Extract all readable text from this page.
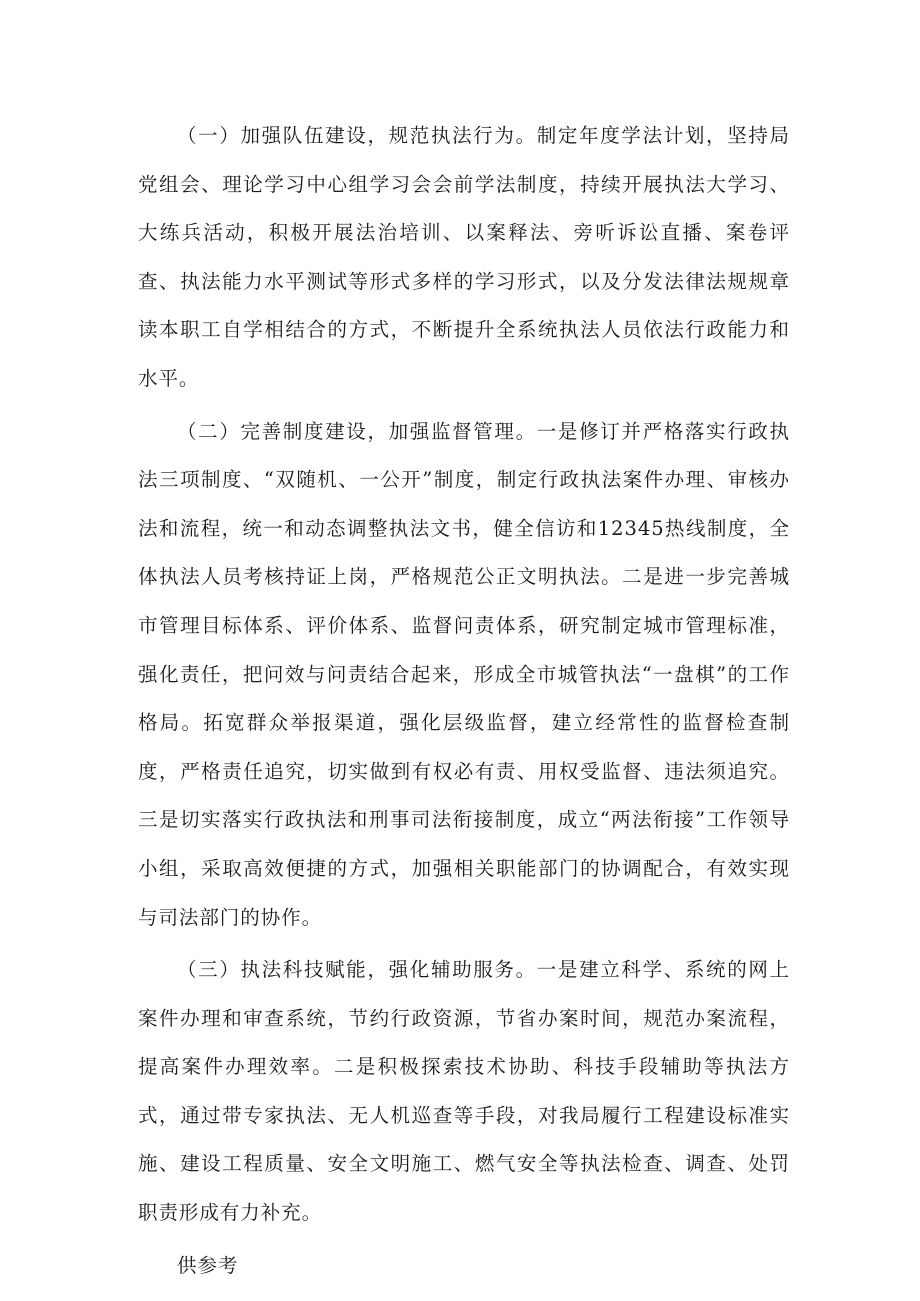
（一）加强队伍建设，规范执法行为。制定年度学法计划，坚持局党组会、理论学习中心组学习会会前学法制度，持续开展执法大学习、大练兵活动，积极开展法治培训、以案释法、旁听诉讼直播、案卷评查、执法能力水平测试等形式多样的学习形式，以及分发法律法规规章读本职工自学相结合的方式，不断提升全系统执法人员依法行政能力和水平。

（二）完善制度建设，加强监督管理。一是修订并严格落实行政执法三项制度、“双随机、一公开”制度，制定行政执法案件办理、审核办法和流程，统一和动态调整执法文书，健全信访和12345热线制度，全体执法人员考核持证上岗，严格规范公正文明执法。二是进一步完善城市管理目标体系、评价体系、监督问责体系，研究制定城市管理标准，强化责任，把问效与问责结合起来，形成全市城管执法“一盘棋”的工作格局。拓宽群众举报渠道，强化层级监督，建立经常性的监督检查制度，严格责任追究，切实做到有权必有责、用权受监督、违法须追究。三是切实落实行政执法和刑事司法衔接制度，成立“两法衔接”工作领导小组，采取高效便捷的方式，加强相关职能部门的协调配合，有效实现与司法部门的协作。

（三）执法科技赋能，强化辅助服务。一是建立科学、系统的网上案件办理和审查系统，节约行政资源，节省办案时间，规范办案流程，提高案件办理效率。二是积极探索技术协助、科技手段辅助等执法方式，通过带专家执法、无人机巡查等手段，对我局履行工程建设标准实施、建设工程质量、安全文明施工、燃气安全等执法检查、调查、处罚职责形成有力补充。

供参考
